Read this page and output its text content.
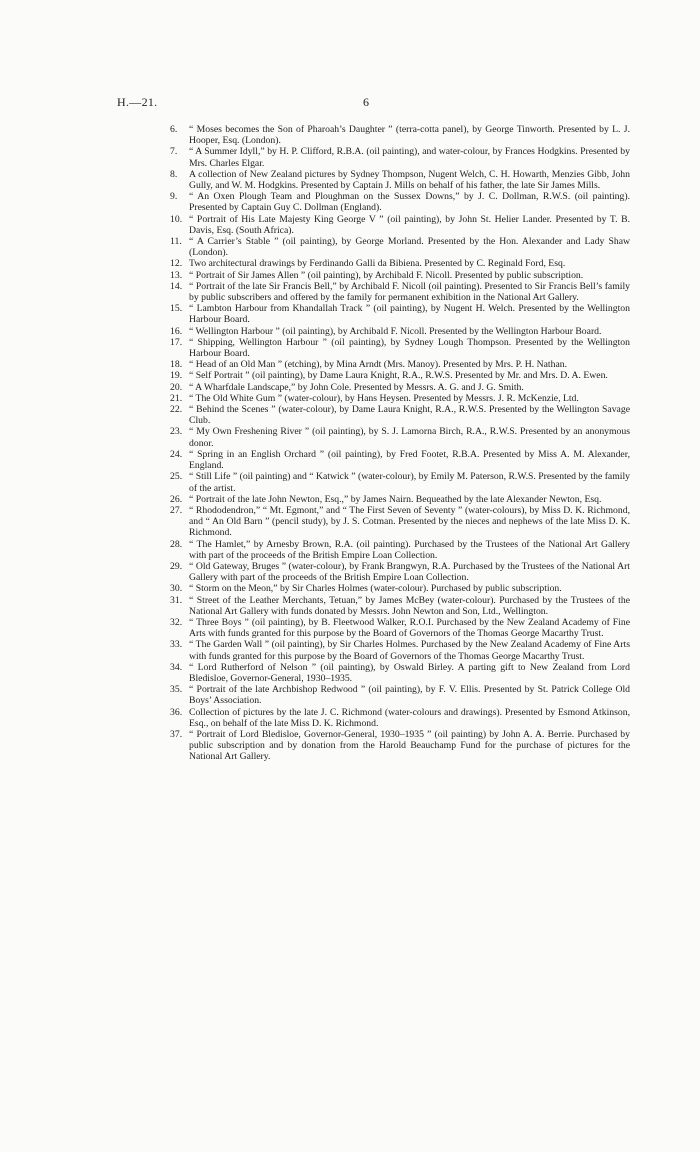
H.—21.	6

6. “ Moses becomes the Son of Pharoah’s Daughter ” (terra-cotta panel), by George Tinworth. Presented by L. J. Hooper, Esq. (London).

7. “ A Summer Idyll,” by H. P. Clifford, R.B.A. (oil painting), and water-colour, by Frances Hodgkins. Presented by Mrs. Charles Elgar.

8. A collection of New Zealand pictures by Sydney Thompson, Nugent Welch, C. H. Howarth, Menzies Gibb, John Gully, and W. M. Hodgkins. Presented by Captain J. Mills on behalf of his father, the late Sir James Mills.

9. “ An Oxen Plough Team and Ploughman on the Sussex Downs,” by J. C. Dollman, R.W.S. (oil painting). Presented by Captain Guy C. Dollman (England).

10. “ Portrait of His Late Majesty King George V ” (oil painting), by John St. Helier Lander. Presented by T. B. Davis, Esq. (South Africa).

11. “ A Carrier’s Stable ” (oil painting), by George Morland. Presented by the Hon. Alexander and Lady Shaw (London).

12. Two architectural drawings by Ferdinando Galli da Bibiena. Presented by C. Reginald Ford, Esq.

13. “ Portrait of Sir James Allen ” (oil painting), by Archibald F. Nicoll. Presented by public subscription.

14. “ Portrait of the late Sir Francis Bell,” by Archibald F. Nicoll (oil painting). Presented to Sir Francis Bell’s family by public subscribers and offered by the family for permanent exhibition in the National Art Gallery.

15. “ Lambton Harbour from Khandallah Track ” (oil painting), by Nugent H. Welch. Presented by the Wellington Harbour Board.

16. “ Wellington Harbour ” (oil painting), by Archibald F. Nicoll. Presented by the Wellington Harbour Board.

17. “ Shipping, Wellington Harbour ” (oil painting), by Sydney Lough Thompson. Presented by the Wellington Harbour Board.

18. “ Head of an Old Man ” (etching), by Mina Arndt (Mrs. Manoy). Presented by Mrs. P. H. Nathan.

19. “ Self Portrait ” (oil painting), by Dame Laura Knight, R.A., R.W.S. Presented by Mr. and Mrs. D. A. Ewen.

20. “ A Wharfdale Landscape,” by John Cole. Presented by Messrs. A. G. and J. G. Smith.

21. “ The Old White Gum ” (water-colour), by Hans Heysen. Presented by Messrs. J. R. McKenzie, Ltd.

22. “ Behind the Scenes ” (water-colour), by Dame Laura Knight, R.A., R.W.S. Presented by the Wellington Savage Club.

23. “ My Own Freshening River ” (oil painting), by S. J. Lamorna Birch, R.A., R.W.S. Presented by an anonymous donor.

24. “ Spring in an English Orchard ” (oil painting), by Fred Footet, R.B.A. Presented by Miss A. M. Alexander, England.

25. “ Still Life ” (oil painting) and “ Katwick ” (water-colour), by Emily M. Paterson, R.W.S. Presented by the family of the artist.

26. “ Portrait of the late John Newton, Esq.,” by James Nairn. Bequeathed by the late Alexander Newton, Esq.

27. “ Rhododendron,” “ Mt. Egmont,” and “ The First Seven of Seventy ” (water-colours), by Miss D. K. Richmond, and “ An Old Barn ” (pencil study), by J. S. Cotman. Presented by the nieces and nephews of the late Miss D. K. Richmond.

28. “ The Hamlet,” by Arnesby Brown, R.A. (oil painting). Purchased by the Trustees of the National Art Gallery with part of the proceeds of the British Empire Loan Collection.

29. “ Old Gateway, Bruges ” (water-colour), by Frank Brangwyn, R.A. Purchased by the Trustees of the National Art Gallery with part of the proceeds of the British Empire Loan Collection.

30. “ Storm on the Meon,” by Sir Charles Holmes (water-colour). Purchased by public subscription.

31. “ Street of the Leather Merchants, Tetuan,” by James McBey (water-colour). Purchased by the Trustees of the National Art Gallery with funds donated by Messrs. John Newton and Son, Ltd., Wellington.

32. “ Three Boys ” (oil painting), by B. Fleetwood Walker, R.O.I. Purchased by the New Zealand Academy of Fine Arts with funds granted for this purpose by the Board of Governors of the Thomas George Macarthy Trust.

33. “ The Garden Wall ” (oil painting), by Sir Charles Holmes. Purchased by the New Zealand Academy of Fine Arts with funds granted for this purpose by the Board of Governors of the Thomas George Macarthy Trust.

34. “ Lord Rutherford of Nelson ” (oil painting), by Oswald Birley. A parting gift to New Zealand from Lord Bledisloe, Governor-General, 1930–1935.

35. “ Portrait of the late Archbishop Redwood ” (oil painting), by F. V. Ellis. Presented by St. Patrick College Old Boys’ Association.

36. Collection of pictures by the late J. C. Richmond (water-colours and drawings). Presented by Esmond Atkinson, Esq., on behalf of the late Miss D. K. Richmond.

37. “ Portrait of Lord Bledisloe, Governor-General, 1930–1935 ” (oil painting) by John A. A. Berrie. Purchased by public subscription and by donation from the Harold Beauchamp Fund for the purchase of pictures for the National Art Gallery.
